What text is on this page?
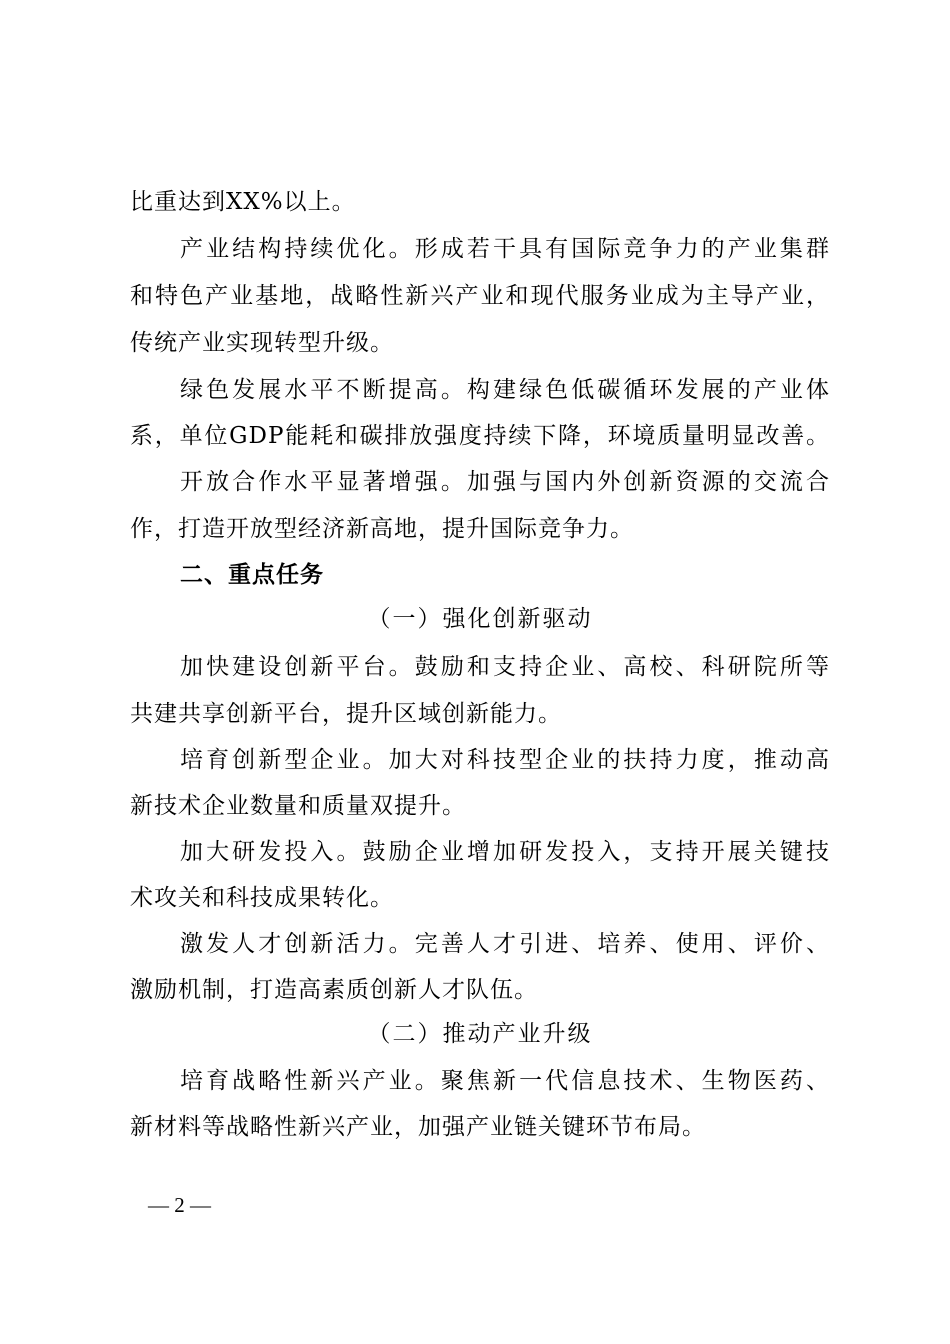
比重达到XX%以上。
产业结构持续优化。形成若干具有国际竞争力的产业集群
和特色产业基地，战略性新兴产业和现代服务业成为主导产业，
传统产业实现转型升级。
绿色发展水平不断提高。构建绿色低碳循环发展的产业体
系，单位GDP能耗和碳排放强度持续下降，环境质量明显改善。
开放合作水平显著增强。加强与国内外创新资源的交流合
作，打造开放型经济新高地，提升国际竞争力。
二、重点任务
（一）强化创新驱动
加快建设创新平台。鼓励和支持企业、高校、科研院所等
共建共享创新平台，提升区域创新能力。
培育创新型企业。加大对科技型企业的扶持力度，推动高
新技术企业数量和质量双提升。
加大研发投入。鼓励企业增加研发投入，支持开展关键技
术攻关和科技成果转化。
激发人才创新活力。完善人才引进、培养、使用、评价、
激励机制，打造高素质创新人才队伍。
（二）推动产业升级
培育战略性新兴产业。聚焦新一代信息技术、生物医药、
新材料等战略性新兴产业，加强产业链关键环节布局。
— 2 —
